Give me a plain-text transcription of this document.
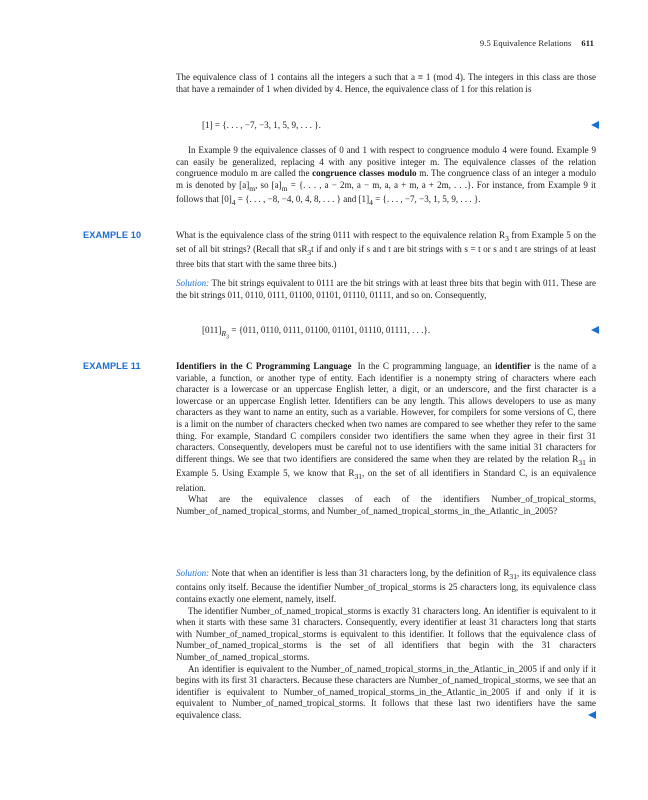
9.5 Equivalence Relations 611

The equivalence class of 1 contains all the integers a such that a ≡ 1 (mod 4). The integers in this class are those that have a remainder of 1 when divided by 4. Hence, the equivalence class of 1 for this relation is

[1] = {. . . , −7, −3, 1, 5, 9, . . . }.

In Example 9 the equivalence classes of 0 and 1 with respect to congruence modulo 4 were found. Example 9 can easily be generalized, replacing 4 with any positive integer m. The equivalence classes of the relation congruence modulo m are called the congruence classes modulo m. The congruence class of an integer a modulo m is denoted by $[a]_m$, so $[a]_m$ = {. . . , a − 2m, a − m, a, a + m, a + 2m, . . .}. For instance, from Example 9 it follows that $[0]_4$ = {. . . , −8, −4, 0, 4, 8, . . . } and $[1]_4$ = {. . . , −7, −3, 1, 5, 9, . . . }.

EXAMPLE 10	What is the equivalence class of the string 0111 with respect to the equivalence relation $R_3$ from Example 5 on the set of all bit strings? (Recall that $sR_3t$ if and only if s and t are bit strings with s = t or s and t are strings of at least three bits that start with the same three bits.)

Solution: The bit strings equivalent to 0111 are the bit strings with at least three bits that begin with 011. These are the bit strings 011, 0110, 0111, 01100, 01101, 01110, 01111, and so on. Consequently,

$[011]_{R_3} = \{011$, 0110, 0111, 01100, 01101, 01110, 01111, . . .}.
EXAMPLE 11	Identifiers in the C Programming Language In the C programming language, an identifier is the name of a variable, a function, or another type of entity. Each identifier is a nonempty string of characters where each character is a lowercase or an uppercase English letter, a digit, or an underscore, and the first character is a lowercase or an uppercase English letter. Identifiers can be any length. This allows developers to use as many characters as they want to name an entity, such as a variable. However, for compilers for some versions of C, there is a limit on the number of characters checked when two names are compared to see whether they refer to the same thing. For example, Standard C compilers consider two identifiers the same when they agree in their first 31 characters. Consequently, developers must be careful not to use identifiers with the same initial 31 characters for different things. We see that two identifiers are considered the same when they are related by the relation $R_{31}$ in Example 5. Using Example 5, we know that $R_{31}$, on the set of all identifiers in Standard C, is an equivalence relation.

What are the equivalence classes of each of the identifiers Number_of_tropical_storms, Number_of_named_tropical_storms, and Number_of_named_tropical_storms_in_the_Atlantic_in_2005?

Solution: Note that when an identifier is less than 31 characters long, by the definition of $R_{31}$, its equivalence class contains only itself. Because the identifier Number_of_tropical_storms is 25 characters long, its equivalence class contains exactly one element, namely, itself.

The identifier Number_of_named_tropical_storms is exactly 31 characters long. An identifier is equivalent to it when it starts with these same 31 characters. Consequently, every identifier at least 31 characters long that starts with Number_of_named_tropical_storms is equivalent to this identifier. It follows that the equivalence class of Number_of_named_tropical_storms is the set of all identifiers that begin with the 31 characters Number_of_named_tropical_storms.

An identifier is equivalent to the Number_of_named_tropical_storms_in_the_Atlantic_in_2005 if and only if it begins with its first 31 characters. Because these characters are Number_of_named_tropical_storms, we see that an identifier is equivalent to Number_of_named_tropical_storms_in_the_Atlantic_in_2005 if and only if it is equivalent to Number_of_named_tropical_storms. It follows that these last two identifiers have the same equivalence class.
